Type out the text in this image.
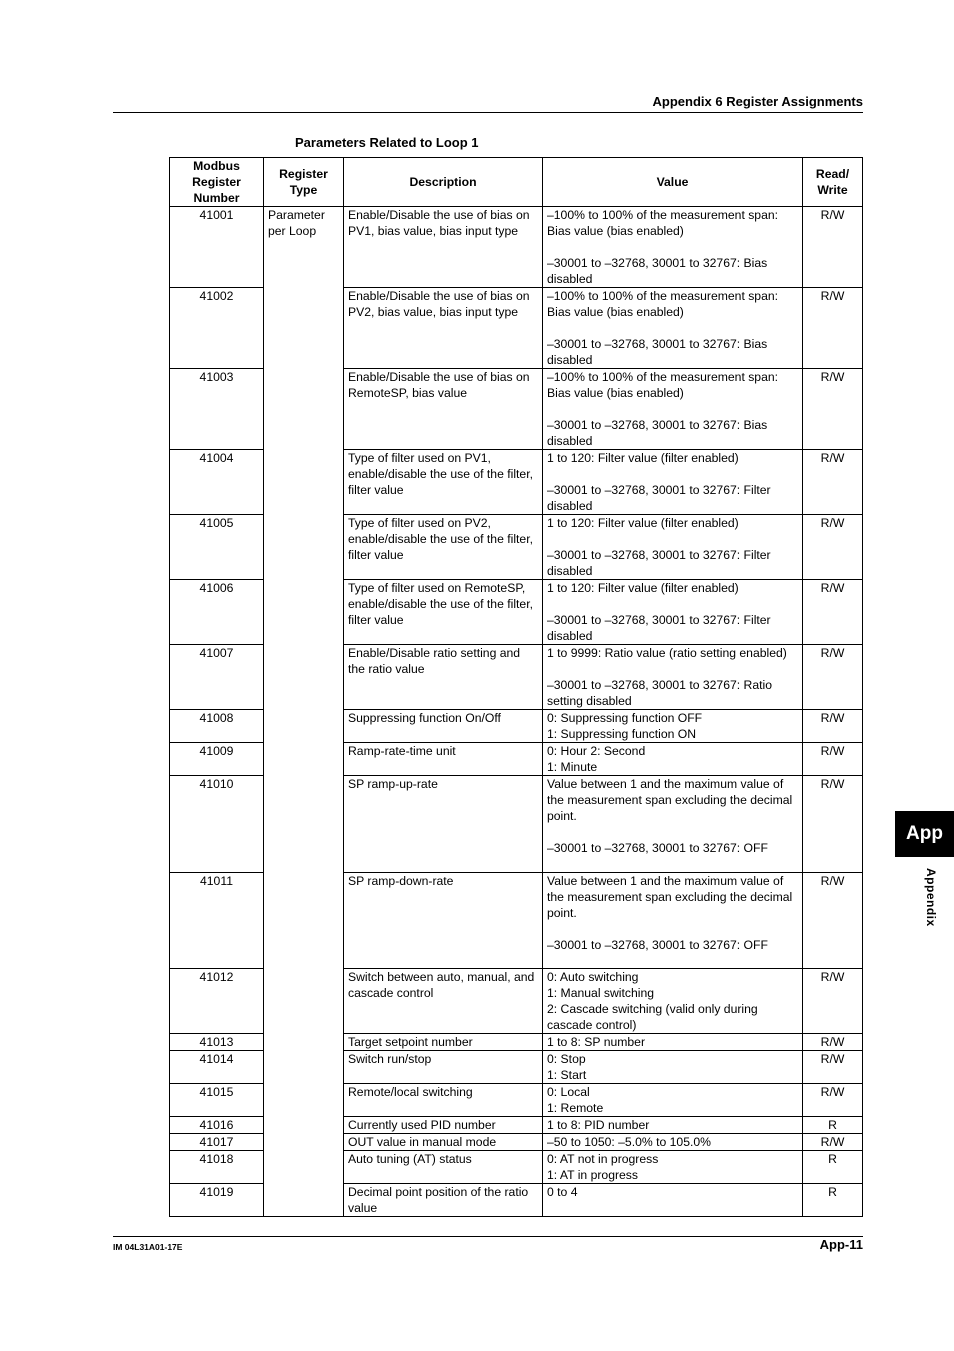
Appendix 6 Register Assignments
Parameters Related to Loop 1
Modbus Register Number	Register Type	Description	Value	Read/ Write
41001	Parameter per Loop	Enable/Disable the use of bias on PV1, bias value, bias input type	–100% to 100% of the measurement span: Bias value (bias enabled)

–30001 to –32768, 30001 to 32767: Bias disabled	R/W
41002		Enable/Disable the use of bias on PV2, bias value, bias input type	–100% to 100% of the measurement span: Bias value (bias enabled)

–30001 to –32768, 30001 to 32767: Bias disabled	R/W
41003		Enable/Disable the use of bias on RemoteSP, bias value	–100% to 100% of the measurement span: Bias value (bias enabled)

–30001 to –32768, 30001 to 32767: Bias disabled	R/W
41004		Type of filter used on PV1, enable/disable the use of the filter, filter value	1 to 120: Filter value (filter enabled)

–30001 to –32768, 30001 to 32767: Filter disabled	R/W
41005		Type of filter used on PV2, enable/disable the use of the filter, filter value	1 to 120: Filter value (filter enabled)

–30001 to –32768, 30001 to 32767: Filter disabled	R/W
41006		Type of filter used on RemoteSP, enable/disable the use of the filter, filter value	1 to 120: Filter value (filter enabled)

–30001 to –32768, 30001 to 32767: Filter disabled	R/W
41007		Enable/Disable ratio setting and the ratio value	1 to 9999: Ratio value (ratio setting enabled)

–30001 to –32768, 30001 to 32767: Ratio setting disabled	R/W
41008		Suppressing function On/Off	0: Suppressing function OFF
1: Suppressing function ON	R/W
41009		Ramp-rate-time unit	0: Hour 2: Second
1: Minute	R/W
41010		SP ramp-up-rate	Value between 1 and the maximum value of the measurement span excluding the decimal point.

–30001 to –32768, 30001 to 32767: OFF	R/W
41011		SP ramp-down-rate	Value between 1 and the maximum value of the measurement span excluding the decimal point.

–30001 to –32768, 30001 to 32767: OFF	R/W
41012		Switch between auto, manual, and cascade control	0: Auto switching
1: Manual switching
2: Cascade switching (valid only during
cascade control)	R/W
41013		Target setpoint number	1 to 8: SP number	R/W
41014		Switch run/stop	0: Stop
1: Start	R/W
41015		Remote/local switching	0: Local
1: Remote	R/W
41016		Currently used PID number	1 to 8: PID number	R
41017		OUT value in manual mode	–50 to 1050: –5.0% to 105.0%	R/W
41018		Auto tuning (AT) status	0: AT not in progress
1: AT in progress	R
41019		Decimal point position of the ratio value	0 to 4	R
App
Appendix
IM 04L31A01-17E	App-11
